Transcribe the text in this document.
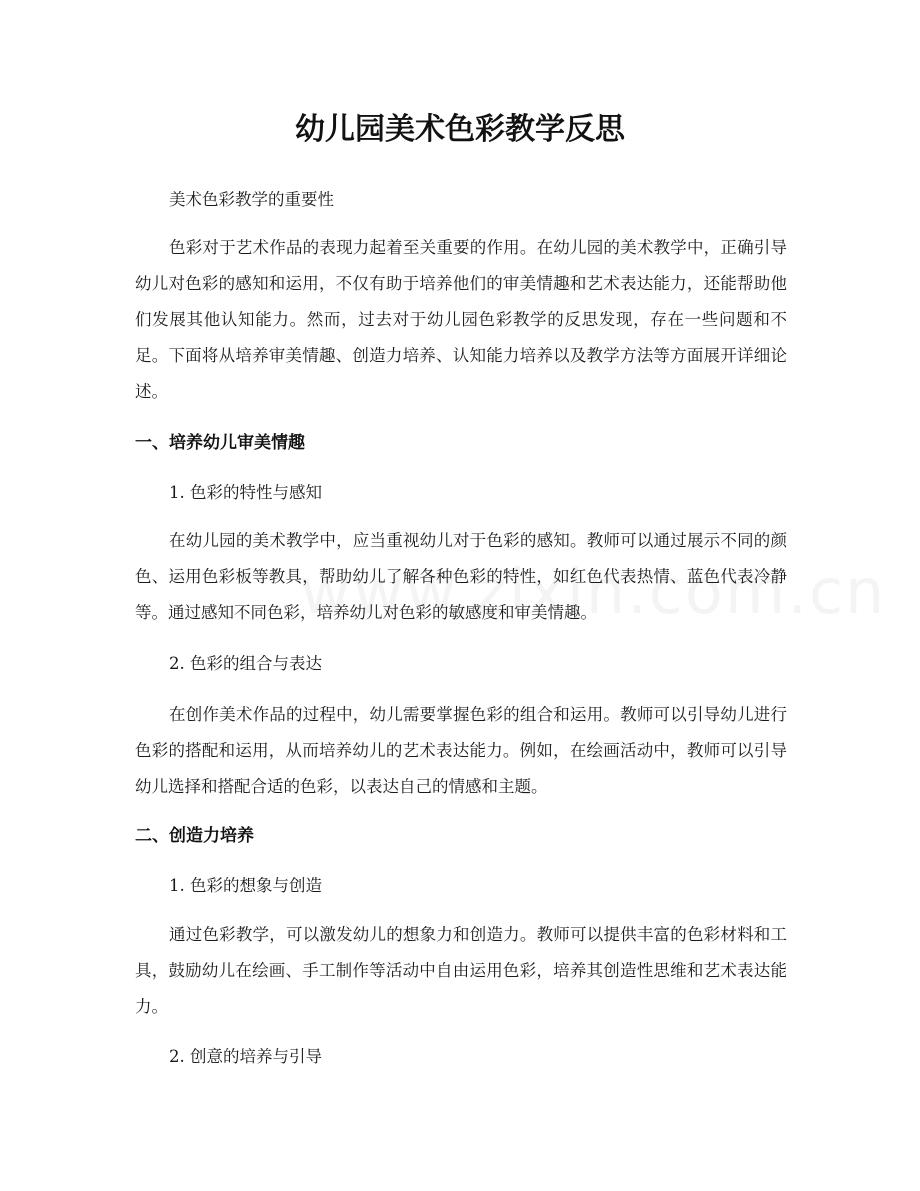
幼儿园美术色彩教学反思

美术色彩教学的重要性

色彩对于艺术作品的表现力起着至关重要的作用。在幼儿园的美术教学中，正确引导幼儿对色彩的感知和运用，不仅有助于培养他们的审美情趣和艺术表达能力，还能帮助他们发展其他认知能力。然而，过去对于幼儿园色彩教学的反思发现，存在一些问题和不足。下面将从培养审美情趣、创造力培养、认知能力培养以及教学方法等方面展开详细论述。

一、培养幼儿审美情趣

1. 色彩的特性与感知

在幼儿园的美术教学中，应当重视幼儿对于色彩的感知。教师可以通过展示不同的颜色、运用色彩板等教具，帮助幼儿了解各种色彩的特性，如红色代表热情、蓝色代表冷静等。通过感知不同色彩，培养幼儿对色彩的敏感度和审美情趣。

2. 色彩的组合与表达

在创作美术作品的过程中，幼儿需要掌握色彩的组合和运用。教师可以引导幼儿进行色彩的搭配和运用，从而培养幼儿的艺术表达能力。例如，在绘画活动中，教师可以引导幼儿选择和搭配合适的色彩，以表达自己的情感和主题。

二、创造力培养

1. 色彩的想象与创造

通过色彩教学，可以激发幼儿的想象力和创造力。教师可以提供丰富的色彩材料和工具，鼓励幼儿在绘画、手工制作等活动中自由运用色彩，培养其创造性思维和艺术表达能力。

2. 创意的培养与引导
